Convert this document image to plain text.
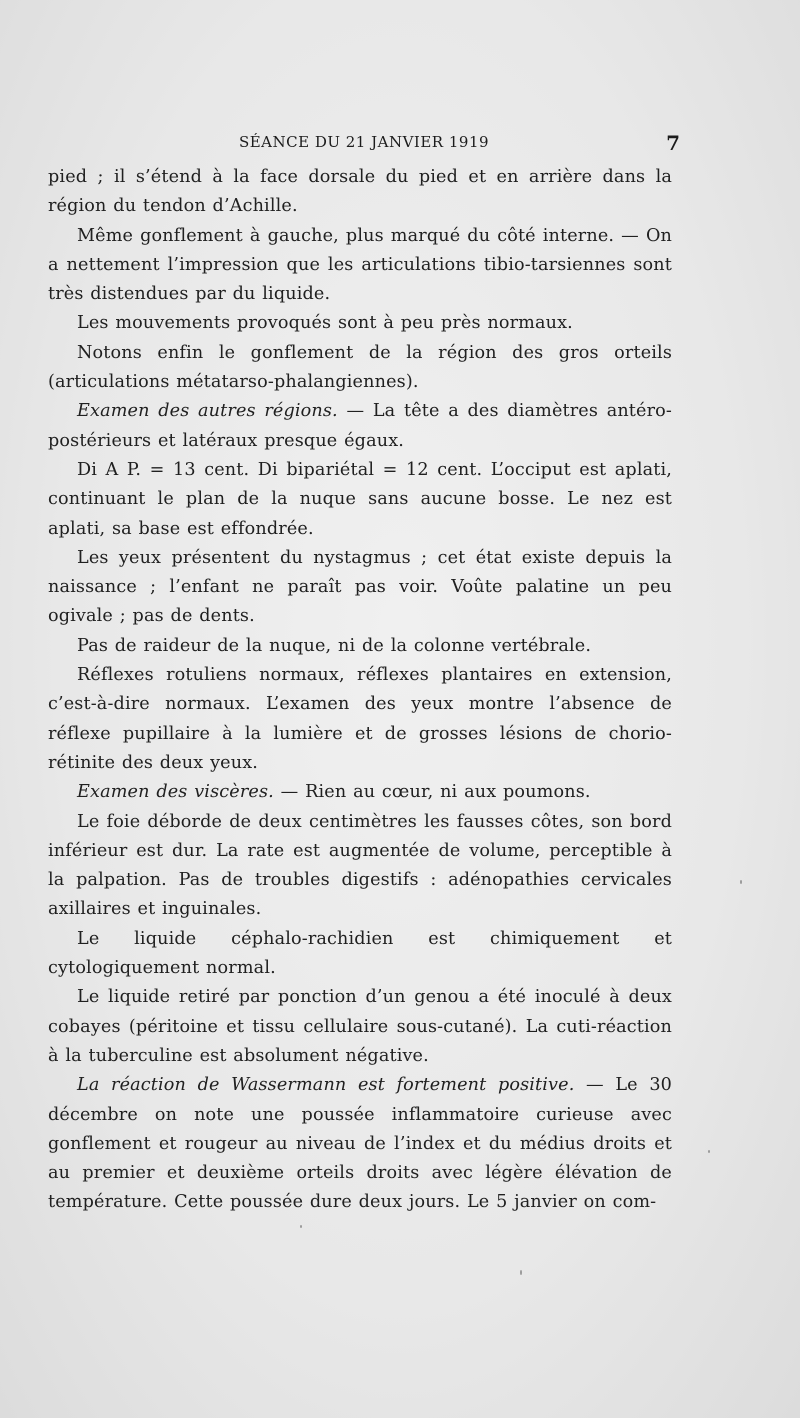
SÉANCE DU 21 JANVIER 1919	7

pied ; il s’étend à la face dorsale du pied et en arrière dans la région du tendon d’Achille.

Même gonflement à gauche, plus marqué du côté interne. — On a nettement l’impression que les articulations tibio-tarsiennes sont très distendues par du liquide.

Les mouvements provoqués sont à peu près normaux.

Notons enfin le gonflement de la région des gros orteils (articulations métatarso-phalangiennes).

Examen des autres régions. — La tête a des diamètres antéro-postérieurs et latéraux presque égaux.

Di A P. = 13 cent. Di bipariétal = 12 cent. L’occiput est aplati, continuant le plan de la nuque sans aucune bosse. Le nez est aplati, sa base est effondrée.

Les yeux présentent du nystagmus ; cet état existe depuis la naissance ; l’enfant ne paraît pas voir. Voûte palatine un peu ogivale ; pas de dents.

Pas de raideur de la nuque, ni de la colonne vertébrale.

Réflexes rotuliens normaux, réflexes plantaires en extension, c’est-à-dire normaux. L’examen des yeux montre l’absence de réflexe pupillaire à la lumière et de grosses lésions de chorio-rétinite des deux yeux.

Examen des viscères. — Rien au cœur, ni aux poumons.

Le foie déborde de deux centimètres les fausses côtes, son bord inférieur est dur. La rate est augmentée de volume, perceptible à la palpation. Pas de troubles digestifs : adénopathies cervicales axillaires et inguinales.

Le liquide céphalo-rachidien est chimiquement et cytologiquement normal.

Le liquide retiré par ponction d’un genou a été inoculé à deux cobayes (péritoine et tissu cellulaire sous-cutané). La cuti-réaction à la tuberculine est absolument négative.

La réaction de Wassermann est fortement positive. — Le 30 décembre on note une poussée inflammatoire curieuse avec gonflement et rougeur au niveau de l’index et du médius droits et au premier et deuxième orteils droits avec légère élévation de température. Cette poussée dure deux jours. Le 5 janvier on com-
